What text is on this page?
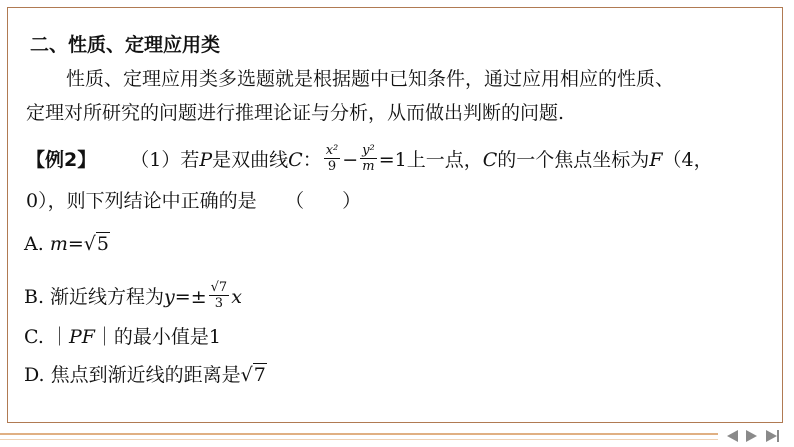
二、性质、定理应用类
性质、定理应用类多选题就是根据题中已知条件，通过应用相应的性质、
定理对所研究的问题进行推理论证与分析，从而做出判断的问题.
【例2】 （1）若P是双曲线C： $\frac{\text{x²}}{9} - \frac{\text{y²}}{m} =1$上一点，C的一个焦点坐标为F（4，
0），则下列结论中正确的是　　（　　）
A. m=√5
B. 渐近线方程为$y=\pm \frac{√7}{3}$ x
C. ｜PF｜的最小值是1
D. 焦点到渐近线的距离是√7
